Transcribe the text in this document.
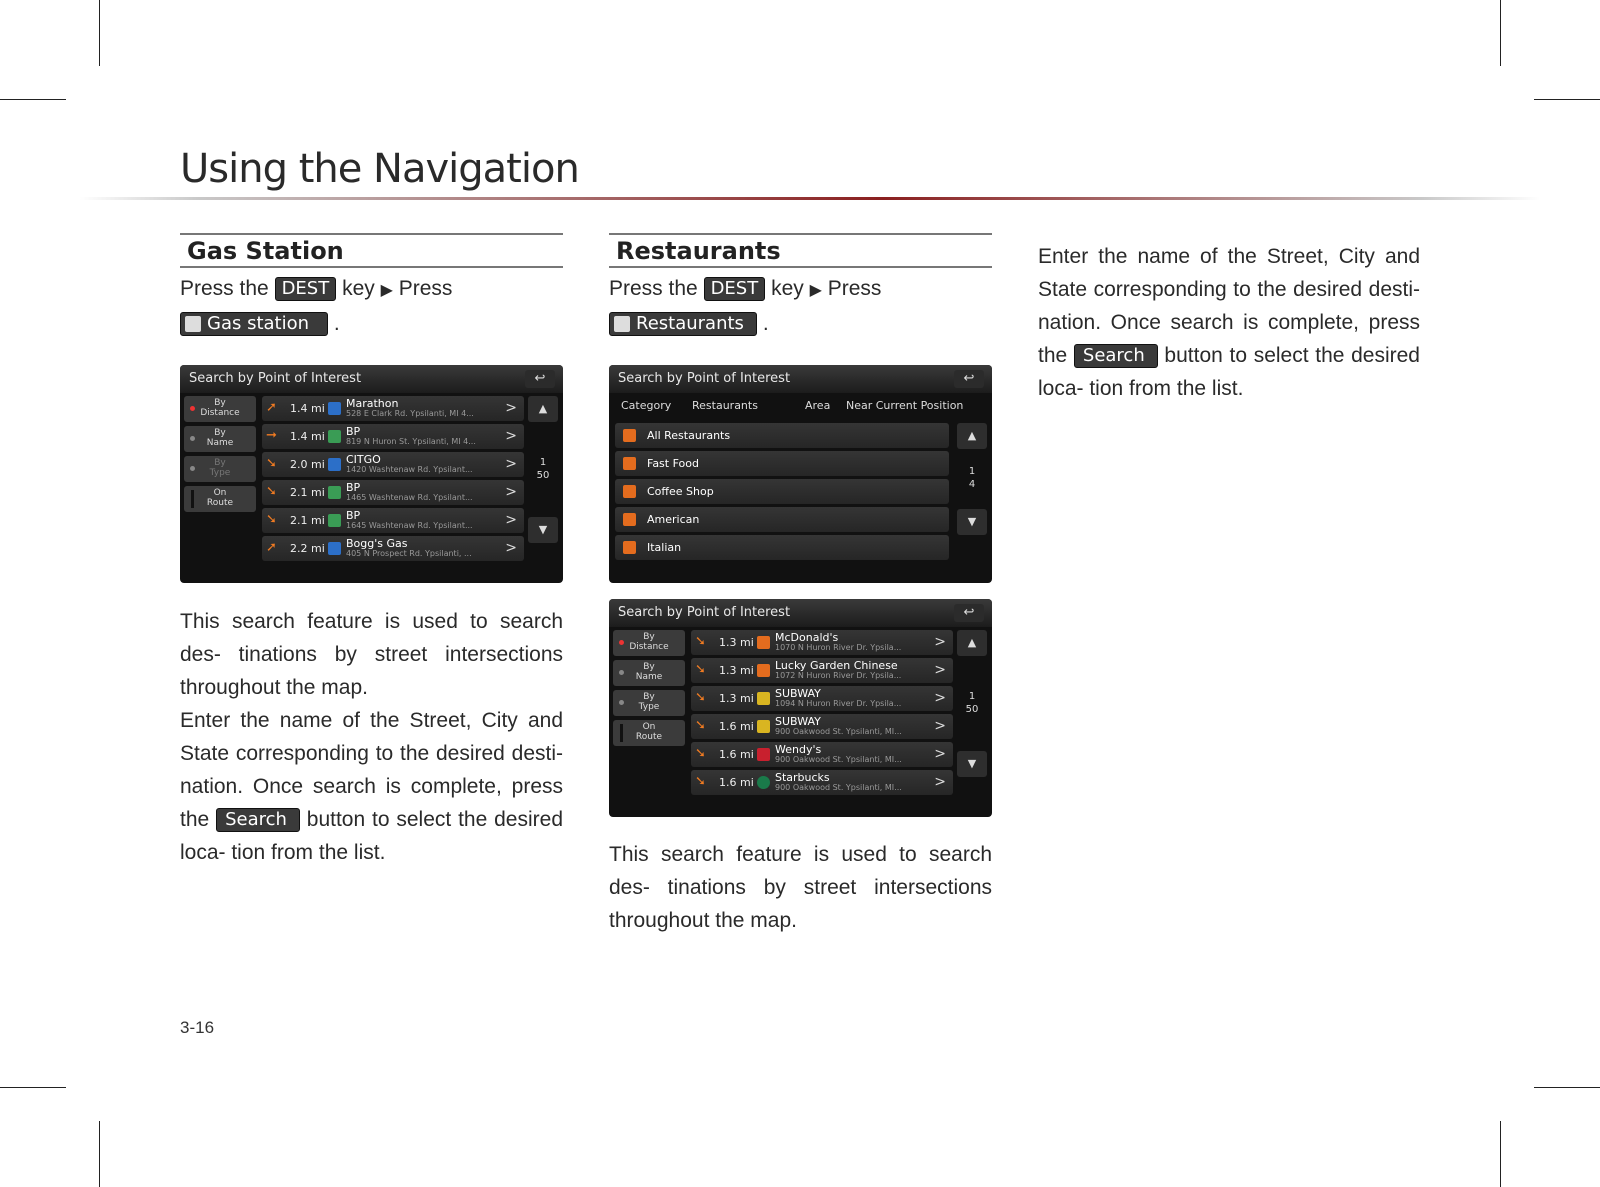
Using the Navigation
Gas Station
Press the DEST key ▶ Press
Gas station .
Search by Point of Interest	↩
By
Distance
By
Name
By
Type
On
Route
➚	1.4 mi Marathon
528 E Clark Rd. Ypsilanti, MI 4... >
➞	1.4 mi BP
819 N Huron St. Ypsilanti, MI 4... >
➘	2.0 mi CITGO
1420 Washtenaw Rd. Ypsilant... >
➘	2.1 mi BP
1465 Washtenaw Rd. Ypsilant... >
➘	2.1 mi BP
1645 Washtenaw Rd. Ypsilant... >
➚	2.2 mi Bogg's Gas
405 N Prospect Rd. Ypsilanti, ... >
▲
1
50
▼
This search feature is used to search des- tinations by street intersections throughout the map.
Enter the name of the Street, City and State corresponding to the desired desti- nation. Once search is complete, press the Search button to select the desired loca- tion from the list.
Restaurants
Press the DEST key ▶ Press
Restaurants .
Search by Point of Interest	↩
Category Restaurants	Area Near Current Position
All Restaurants
Fast Food
Coffee Shop
American
Italian
▲
1
4
▼
Search by Point of Interest	↩
By
Distance
By
Name
By
Type
On
Route
➘	1.3 mi McDonald's
1070 N Huron River Dr. Ypsila... >
➘	1.3 mi Lucky Garden Chinese
1072 N Huron River Dr. Ypsila... >
➘	1.3 mi SUBWAY
1094 N Huron River Dr. Ypsila... >
➘	1.6 mi SUBWAY
900 Oakwood St. Ypsilanti, MI... >
➘	1.6 mi Wendy's
900 Oakwood St. Ypsilanti, MI... >
➘	1.6 mi Starbucks
900 Oakwood St. Ypsilanti, MI... >
▲
1
50
▼
This search feature is used to search des- tinations by street intersections throughout the map.
Enter the name of the Street, City and State corresponding to the desired desti- nation. Once search is complete, press the Search button to select the desired loca- tion from the list.
3-16
